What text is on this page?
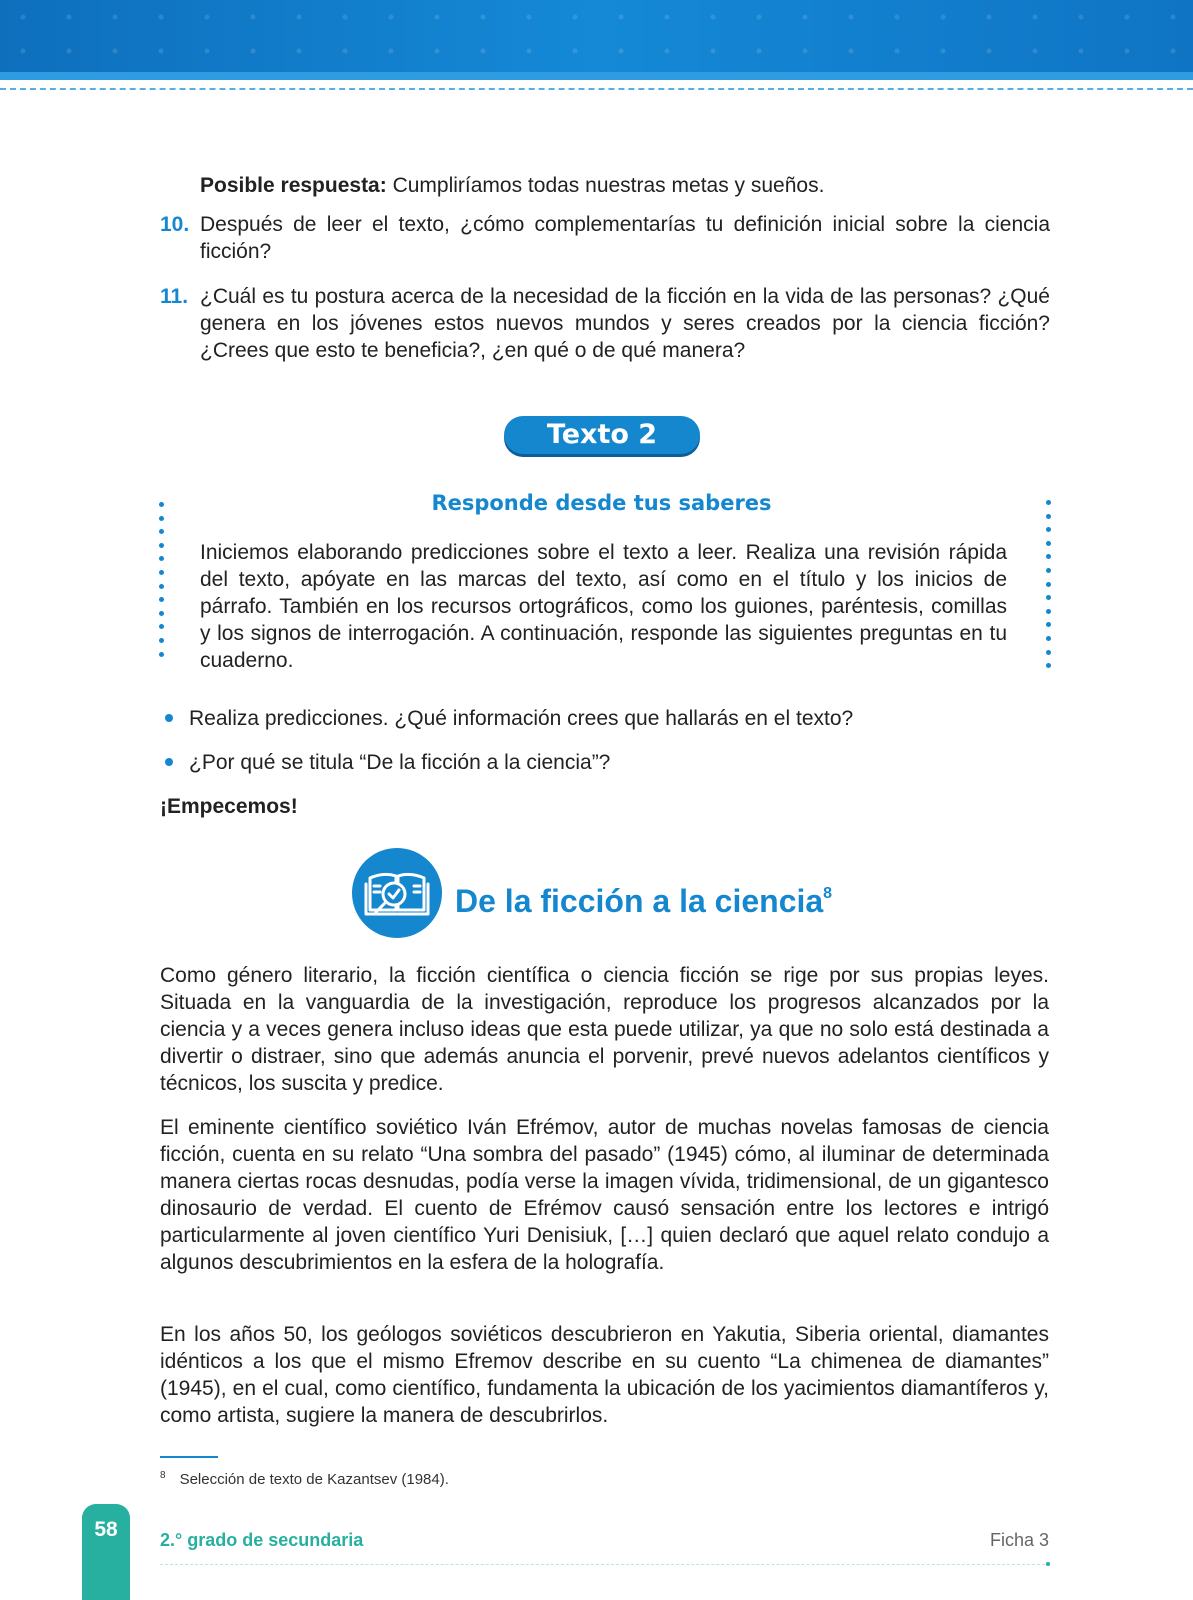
Posible respuesta: Cumpliríamos todas nuestras metas y sueños.
10. Después de leer el texto, ¿cómo complementarías tu definición inicial sobre la ciencia ficción?
11. ¿Cuál es tu postura acerca de la necesidad de la ficción en la vida de las personas? ¿Qué genera en los jóvenes estos nuevos mundos y seres creados por la ciencia ficción? ¿Crees que esto te beneficia?, ¿en qué o de qué manera?
Texto 2
Responde desde tus saberes
Iniciemos elaborando predicciones sobre el texto a leer. Realiza una revisión rápida del texto, apóyate en las marcas del texto, así como en el título y los inicios de párrafo. También en los recursos ortográficos, como los guiones, paréntesis, comillas y los signos de interrogación. A continuación, responde las siguientes preguntas en tu cuaderno.
Realiza predicciones. ¿Qué información crees que hallarás en el texto?
¿Por qué se titula “De la ficción a la ciencia”?
¡Empecemos!
De la ficción a la ciencia$^8$
Como género literario, la ficción científica o ciencia ficción se rige por sus propias leyes. Situada en la vanguardia de la investigación, reproduce los progresos alcanzados por la ciencia y a veces genera incluso ideas que esta puede utilizar, ya que no solo está destinada a divertir o distraer, sino que además anuncia el porvenir, prevé nuevos adelantos científicos y técnicos, los suscita y predice.
El eminente científico soviético Iván Efrémov, autor de muchas novelas famosas de ciencia ficción, cuenta en su relato “Una sombra del pasado” (1945) cómo, al iluminar de determinada manera ciertas rocas desnudas, podía verse la imagen vívida, tridimensional, de un gigantesco dinosaurio de verdad. El cuento de Efrémov causó sensación entre los lectores e intrigó particularmente al joven científico Yuri Denisiuk, […] quien declaró que aquel relato condujo a algunos descubrimientos en la esfera de la holografía.
En los años 50, los geólogos soviéticos descubrieron en Yakutia, Siberia oriental, diamantes idénticos a los que el mismo Efremov describe en su cuento “La chimenea de diamantes” (1945), en el cual, como científico, fundamenta la ubicación de los yacimientos diamantíferos y, como artista, sugiere la manera de descubrirlos.
$^8$ Selección de texto de Kazantsev (1984).
58	2.° grado de secundaria	Ficha 3
